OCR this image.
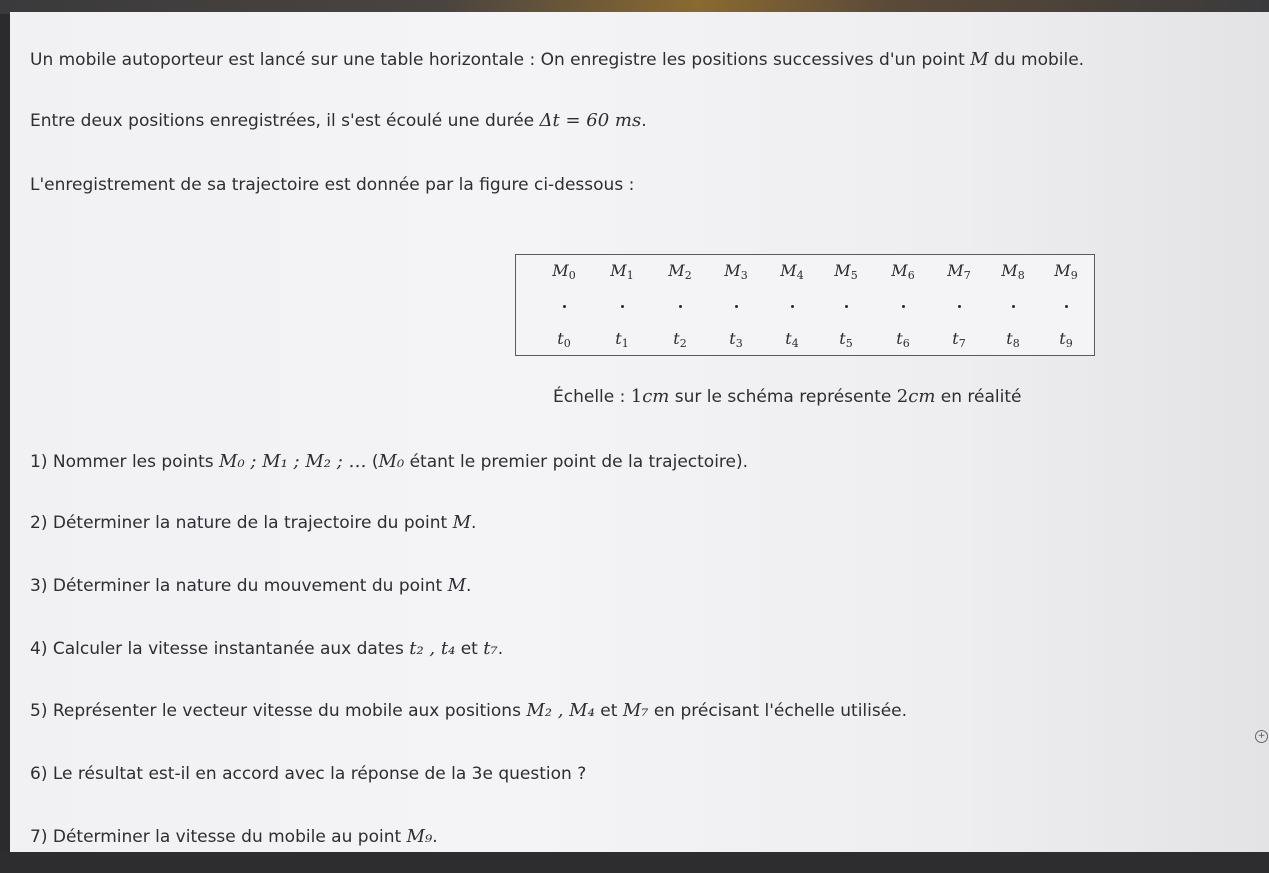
Un mobile autoporteur est lancé sur une table horizontale : On enregistre les positions successives d'un point M du mobile.
Entre deux positions enregistrées, il s'est écoulé une durée Δt = 60 ms.
L'enregistrement de sa trajectoire est donnée par la figure ci-dessous :
$M_0$	$M_1$	$M_2$	$M_3$	$M_4$	$M_5$	$M_6$	$M_7$	$M_8$	$M_9$
$t_0$	$t_1$	$t_2$	$t_3$	$t_4$	$t_5$	$t_6$	$t_7$	$t_8$	$t_9$
Échelle : 1cm sur le schéma représente 2cm en réalité
1) Nommer les points M₀ ; M₁ ; M₂ ; … (M₀ étant le premier point de la trajectoire).
2) Déterminer la nature de la trajectoire du point M.
3) Déterminer la nature du mouvement du point M.
4) Calculer la vitesse instantanée aux dates t₂ , t₄ et t₇.
5) Représenter le vecteur vitesse du mobile aux positions M₂ , M₄ et M₇ en précisant l'échelle utilisée.
6) Le résultat est-il en accord avec la réponse de la 3e question ?
7) Déterminer la vitesse du mobile au point M₉.
+
